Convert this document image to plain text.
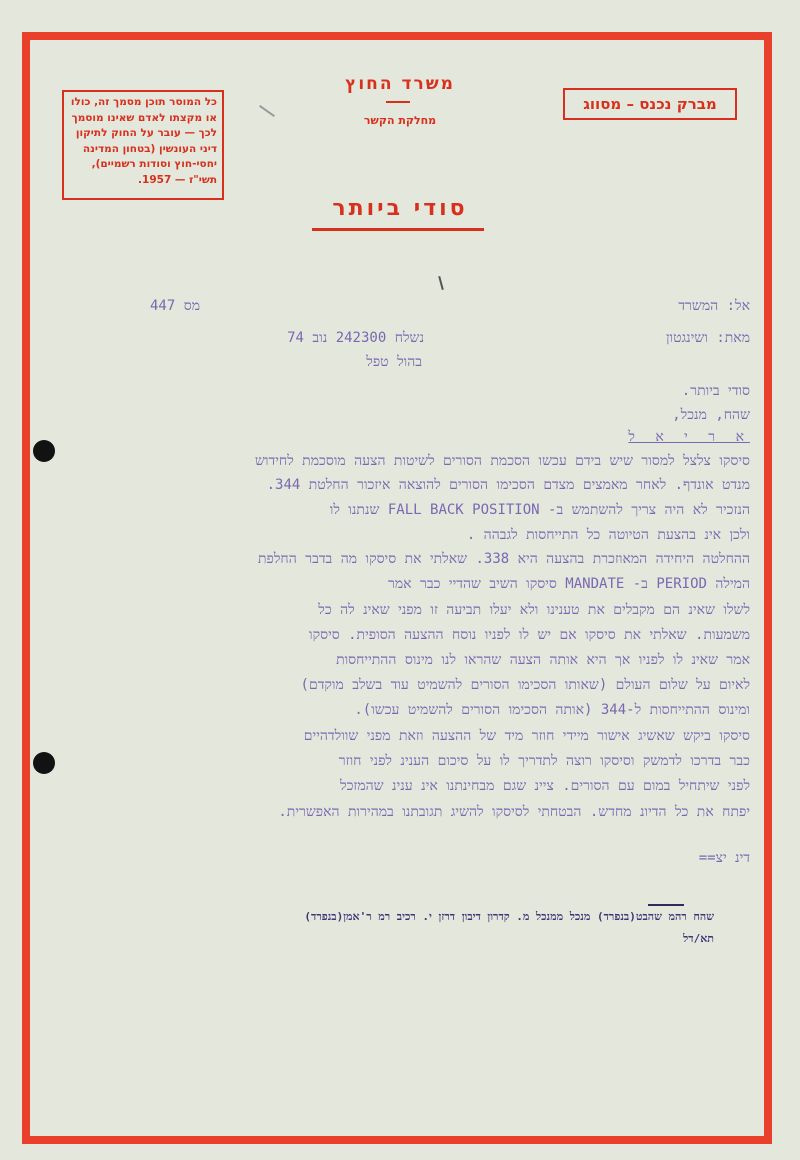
כל המוסר תוכן מסמך זה, כולו
או מקצתו לאדם שאינו מוסמך
לכך — עובר על החוק לתיקון
דיני העונשין (בטחון המדינה
יחסי-חוץ וסודות רשמיים),
תשי"ז — 1957.
משרד החוץ
מחלקת הקשר
מברק נכנס – מסווג
סודי ביותר
אל: המשרד
מס 447
מאת: ושינגטון
נשלח 242300 נוב 74
בהול טפל
סודי ביותר.
שהח, מנכל,
א ר י א ל
סיסקו צלצל למסור שיש בידם עכשו הסכמת הסורים לשיטות הצעה מוסכמת לחידוש
מנדט אונדף. לאחר מאמצים מצדם הסכימו הסורים להוצאה איזכור החלטת 344.
הנזכיר לא היה צריך להשתמש ב- FALL BACK POSITION שנתנו לו
ולכן אינ בהצעת הטיוטה כל התייחסות לגבהה .
ההחלטה היחידה המאוזכרת בהצעה היא 338. שאלתי את סיסקו מה בדבר החלפת
המילה PERIOD ב- MANDATE סיסקו השיב שהדיי כבר אמר
לשלו שאינ הם מקבלים את טענינו ולא יעלו תביעה זו מפני שאינ לה כל
משמעות. שאלתי את סיסקו אם יש לו לפניו נוסח ההצעה הסופית. סיסקו
אמר שאינ לו לפניו אך היא אותה הצעה שהראו לנו מינוס ההתייחסות
לאיום על שלום העולם (שאותו הסכימו הסורים להשמיט עוד בשלב מוקדם)
ומינוס ההתייחסות ל-344 (אותה הסכימו הסורים להשמיט עכשו).
סיסקו ביקש שאשיג אישור מיידי חוזר מיד של ההצעה וזאת מפני שוולדהיים
כבר בדרכו לדמשק וסיסקו רוצה לתדריך לו על סיכום הענינ לפני חוזר
לפני שיתחיל במום עם הסורים. ציינ שגם מבחינתנו אינ ענינ שהמזכל
יפתח את כל הדיונ מחדש. הבטחתי לסיסקו להשיג תגובתנו במהירות האפשרית.
דינ יצ==
שהח רהמ שהבט(בנפרד) מנכל ממנכל מ. קדרון דיבון דרזן י. רכיב רמ ר'אמן(בנפרד)
תא/דל
